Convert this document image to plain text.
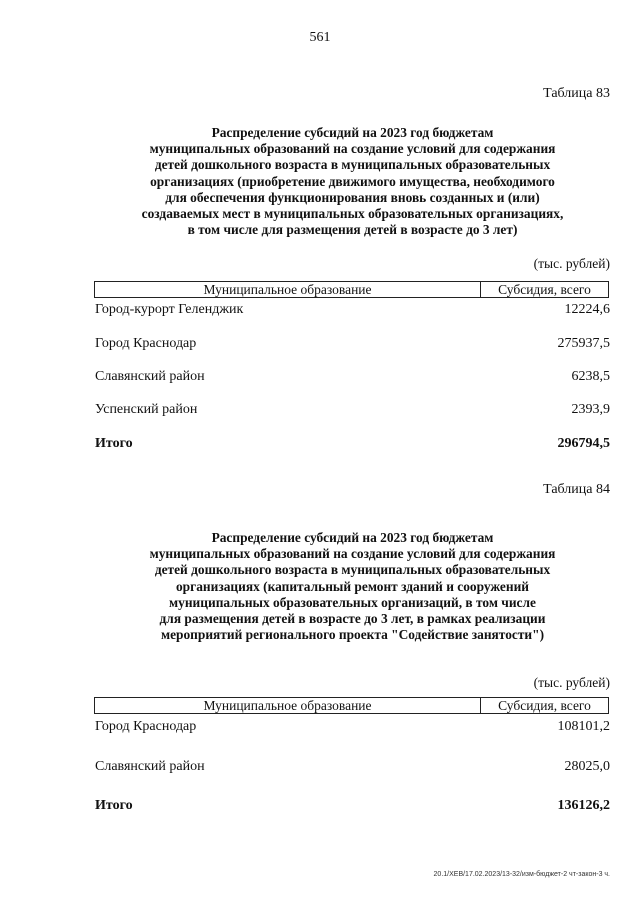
561
Таблица 83
Распределение субсидий на 2023 год бюджетам
муниципальных образований на создание условий для содержания
детей дошкольного возраста в муниципальных образовательных
организациях (приобретение движимого имущества, необходимого
для обеспечения функционирования вновь созданных и (или)
создаваемых мест в муниципальных образовательных организациях,
в том числе для размещения детей в возрасте до 3 лет)
(тыс. рублей)
Муниципальное образование	Субсидия, всего
Город-курорт Геленджик	12224,6
Город Краснодар	275937,5
Славянский район	6238,5
Успенский район	2393,9
Итого	296794,5
Таблица 84
Распределение субсидий на 2023 год бюджетам
муниципальных образований на создание условий для содержания
детей дошкольного возраста в муниципальных образовательных
организациях (капитальный ремонт зданий и сооружений
муниципальных образовательных организаций, в том числе
для размещения детей в возрасте до 3 лет, в рамках реализации
мероприятий регионального проекта "Содействие занятости")
(тыс. рублей)
Муниципальное образование	Субсидия, всего
Город Краснодар	108101,2
Славянский район	28025,0
Итого	136126,2
20.1/ХЕВ/17.02.2023/13-32/изм-бюджет-2 чт-закон-3 ч.
